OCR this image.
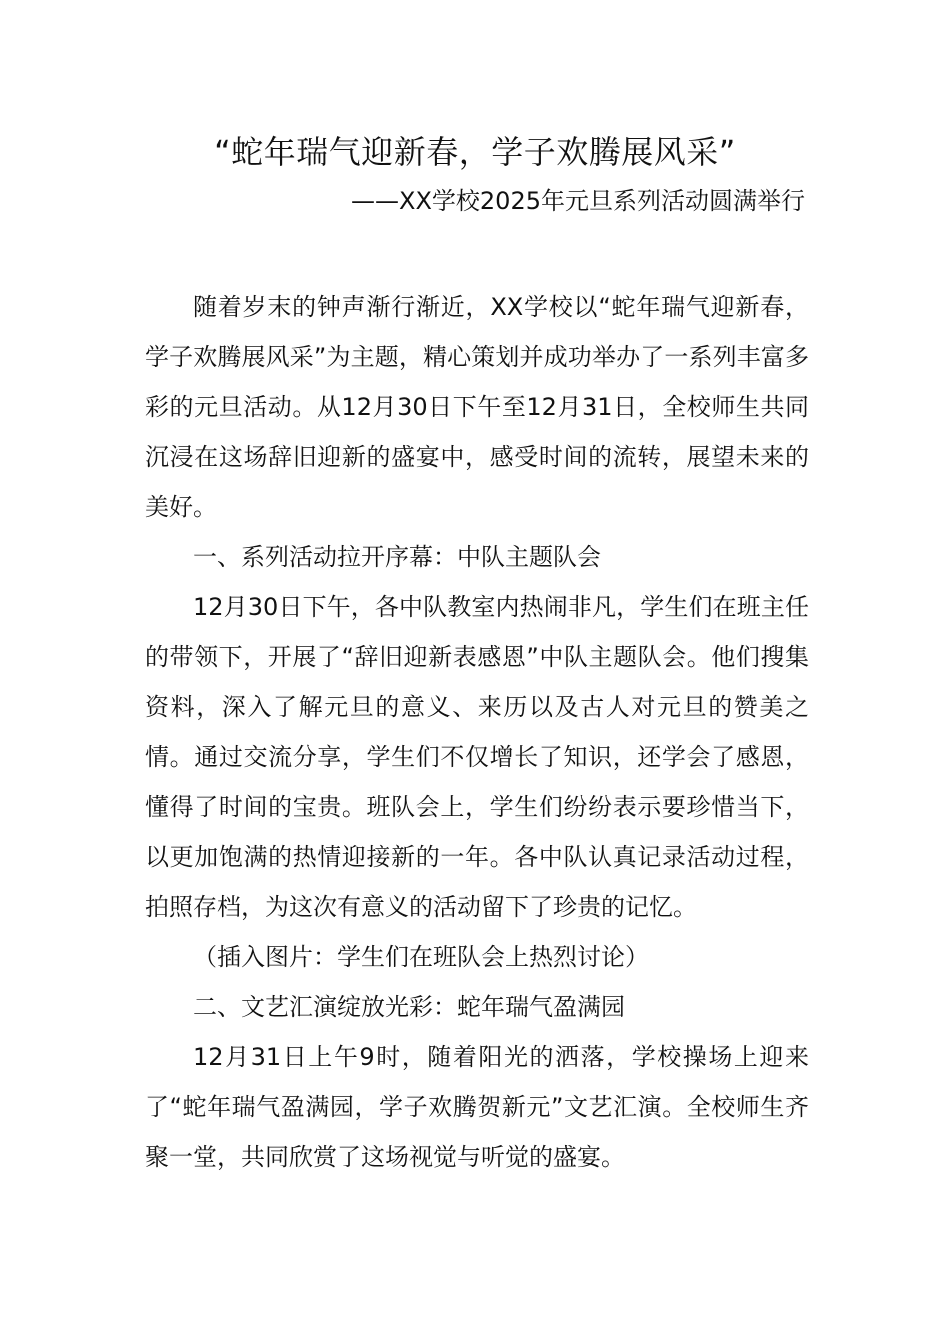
“蛇年瑞气迎新春，学子欢腾展风采”
——XX学校2025年元旦系列活动圆满举行

随着岁末的钟声渐行渐近，XX学校以“蛇年瑞气迎新春，学子欢腾展风采”为主题，精心策划并成功举办了一系列丰富多彩的元旦活动。从12月30日下午至12月31日，全校师生共同沉浸在这场辞旧迎新的盛宴中，感受时间的流转，展望未来的美好。

一、系列活动拉开序幕：中队主题队会

12月30日下午，各中队教室内热闹非凡，学生们在班主任的带领下，开展了“辞旧迎新表感恩”中队主题队会。他们搜集资料，深入了解元旦的意义、来历以及古人对元旦的赞美之情。通过交流分享，学生们不仅增长了知识，还学会了感恩，懂得了时间的宝贵。班队会上，学生们纷纷表示要珍惜当下，以更加饱满的热情迎接新的一年。各中队认真记录活动过程，拍照存档，为这次有意义的活动留下了珍贵的记忆。

（插入图片：学生们在班队会上热烈讨论）

二、文艺汇演绽放光彩：蛇年瑞气盈满园

12月31日上午9时，随着阳光的洒落，学校操场上迎来了“蛇年瑞气盈满园，学子欢腾贺新元”文艺汇演。全校师生齐聚一堂，共同欣赏了这场视觉与听觉的盛宴。
